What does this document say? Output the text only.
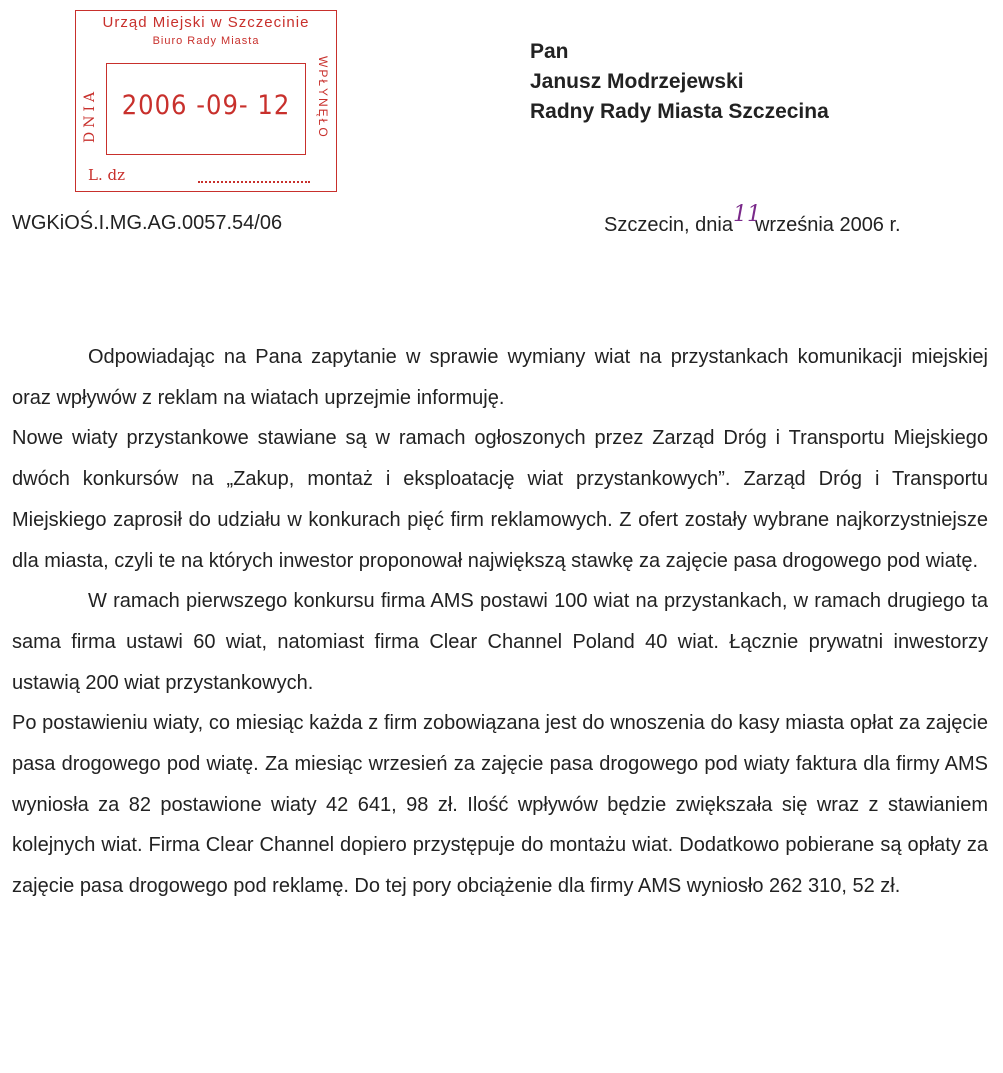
Urząd Miejski w Szczecinie
Biuro Rady Miasta
2006 -09- 12
DNIA	WPŁYNĘŁO
L. dz
Pan
Janusz Modrzejewski
Radny Rady Miasta Szczecina
WGKiOŚ.I.MG.AG.0057.54/06	Szczecin, dnia11września 2006 r.

Odpowiadając na Pana zapytanie w sprawie wymiany wiat na przystankach komunikacji miejskiej oraz wpływów z reklam na wiatach uprzejmie informuję.

Nowe wiaty przystankowe stawiane są w ramach ogłoszonych przez Zarząd Dróg i Transportu Miejskiego dwóch konkursów na „Zakup, montaż i eksploatację wiat przystankowych”. Zarząd Dróg i Transportu Miejskiego zaprosił do udziału w konkurach pięć firm reklamowych. Z ofert zostały wybrane najkorzystniejsze dla miasta, czyli te na których inwestor proponował największą stawkę za zajęcie pasa drogowego pod wiatę.

W ramach pierwszego konkursu firma AMS postawi 100 wiat na przystankach, w ramach drugiego ta sama firma ustawi 60 wiat, natomiast firma Clear Channel Poland 40 wiat. Łącznie prywatni inwestorzy ustawią 200 wiat przystankowych.

Po postawieniu wiaty, co miesiąc każda z firm zobowiązana jest do wnoszenia do kasy miasta opłat za zajęcie pasa drogowego pod wiatę. Za miesiąc wrzesień za zajęcie pasa drogowego pod wiaty faktura dla firmy AMS wyniosła za 82 postawione wiaty 42 641, 98 zł. Ilość wpływów będzie zwiększała się wraz z stawianiem kolejnych wiat. Firma Clear Channel dopiero przystępuje do montażu wiat. Dodatkowo pobierane są opłaty za zajęcie pasa drogowego pod reklamę. Do tej pory obciążenie dla firmy AMS wyniosło 262 310, 52 zł.
